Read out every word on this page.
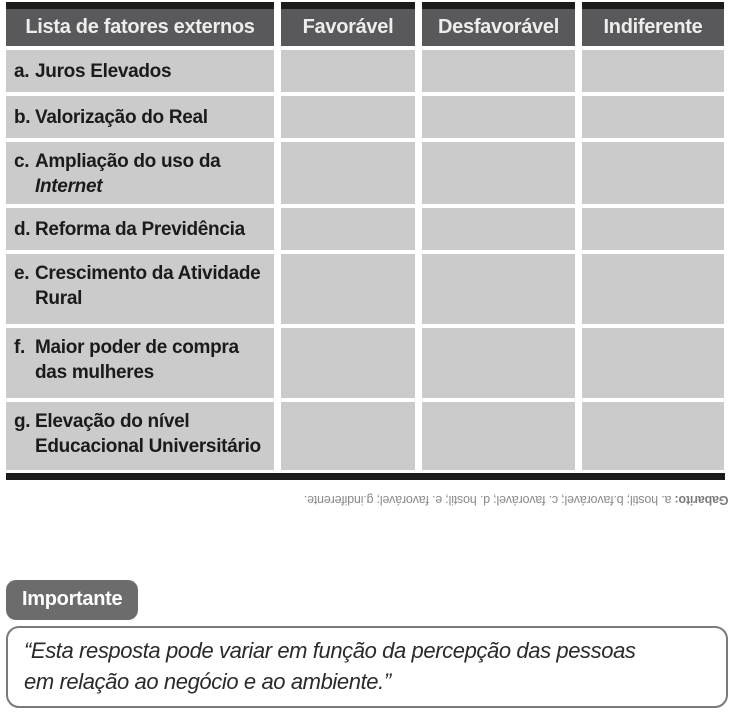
Lista de fatores externos	Favorável	Desfavorável	Indiferente
a. Juros Elevados
b. Valorização do Real
c. Ampliação do uso da
Internet
d. Reforma da Previdência
e. Crescimento da Atividade
Rural
f. Maior poder de compra
das mulheres
g. Elevação do nível
Educacional Universitário
Gabarito: a. hostil; b.favorável; c. favorável; d. hostil; e. favorável; g.indiferente.
Importante
“Esta resposta pode variar em função da percepção das pessoas
em relação ao negócio e ao ambiente.”
